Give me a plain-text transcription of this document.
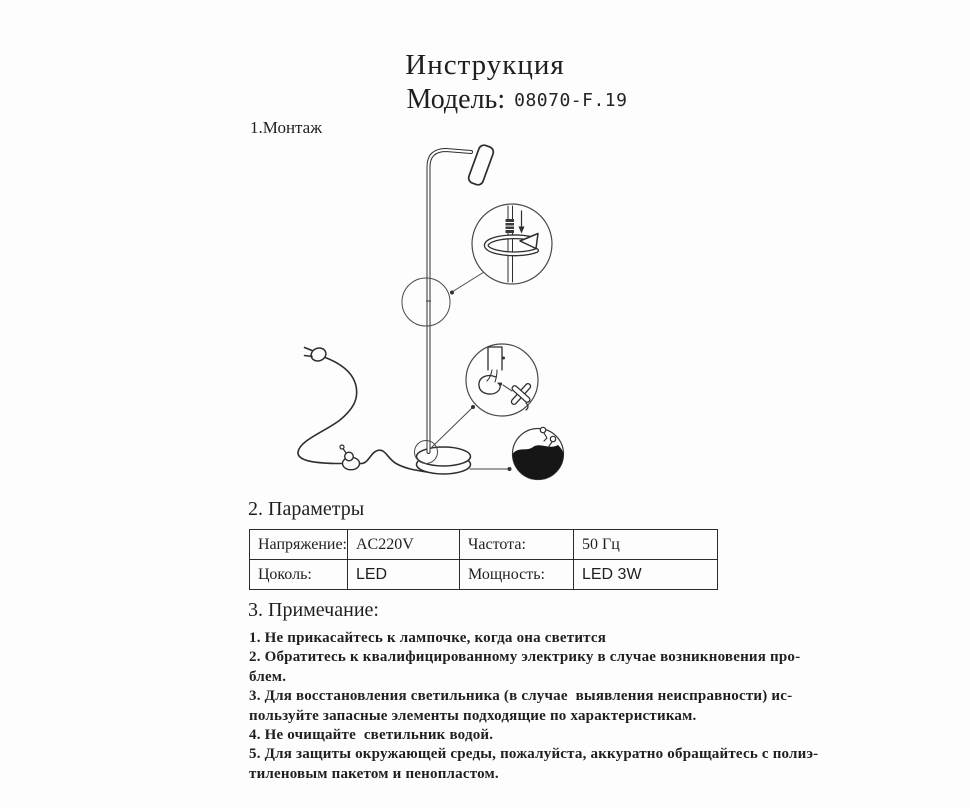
Инструкция
Модель: 08070-F.19
1.Монтаж
2. Параметры
Напряжение:	AC220V	Частота:	50 Гц
Цоколь:	LED	Мощность:	LED 3W
3. Примечание:
1. Не прикасайтесь к лампочке, когда она светится
2. Обратитесь к квалифицированному электрику в случае возникновения про-
блем.
3. Для восстановления светильника (в случае  выявления неисправности) ис-
пользуйте запасные элементы подходящие по характеристикам.
4. Не очищайте  светильник водой.
5. Для защиты окружающей среды, пожалуйста, аккуратно обращайтесь с полиэ-
тиленовым пакетом и пенопластом.
